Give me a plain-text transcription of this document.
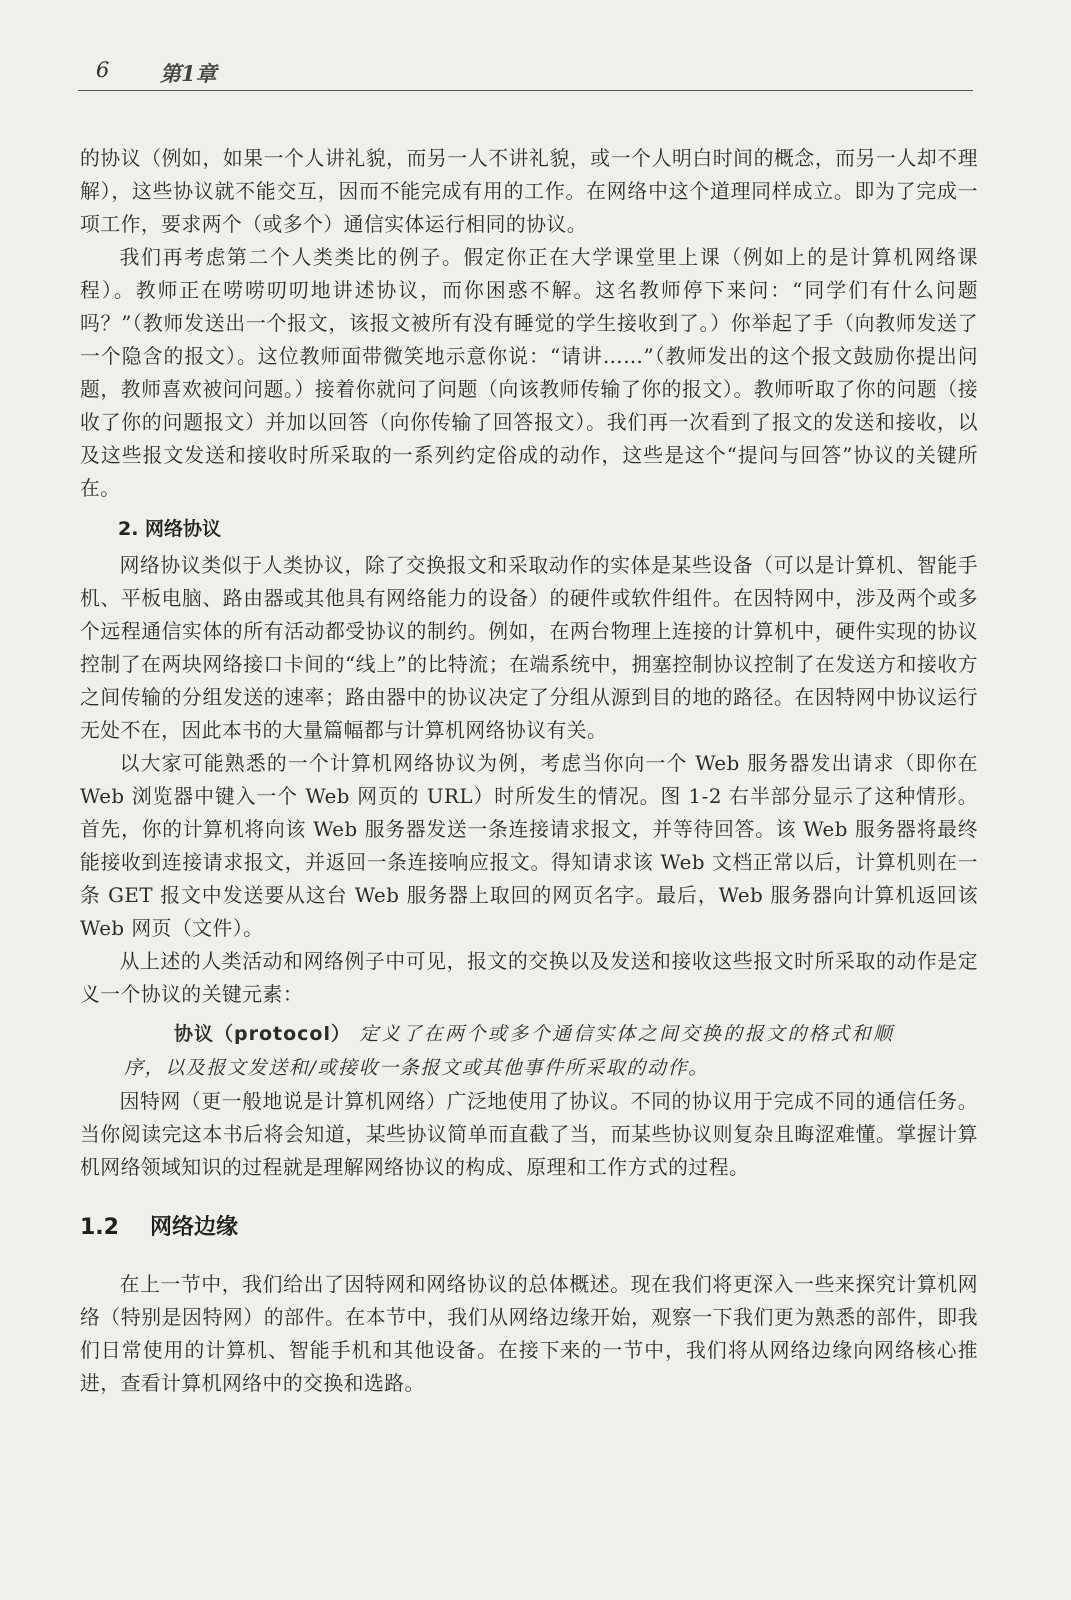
6 第1章

的协议（例如，如果一个人讲礼貌，而另一人不讲礼貌，或一个人明白时间的概念，而另一人却不理解），这些协议就不能交互，因而不能完成有用的工作。在网络中这个道理同样成立。即为了完成一项工作，要求两个（或多个）通信实体运行相同的协议。

我们再考虑第二个人类类比的例子。假定你正在大学课堂里上课（例如上的是计算机网络课程）。教师正在唠唠叨叨地讲述协议，而你困惑不解。这名教师停下来问：“同学们有什么问题吗？”（教师发送出一个报文，该报文被所有没有睡觉的学生接收到了。）你举起了手（向教师发送了一个隐含的报文）。这位教师面带微笑地示意你说：“请讲……”（教师发出的这个报文鼓励你提出问题，教师喜欢被问问题。）接着你就问了问题（向该教师传输了你的报文）。教师听取了你的问题（接收了你的问题报文）并加以回答（向你传输了回答报文）。我们再一次看到了报文的发送和接收，以及这些报文发送和接收时所采取的一系列约定俗成的动作，这些是这个“提问与回答”协议的关键所在。

2. 网络协议

网络协议类似于人类协议，除了交换报文和采取动作的实体是某些设备（可以是计算机、智能手机、平板电脑、路由器或其他具有网络能力的设备）的硬件或软件组件。在因特网中，涉及两个或多个远程通信实体的所有活动都受协议的制约。例如，在两台物理上连接的计算机中，硬件实现的协议控制了在两块网络接口卡间的“线上”的比特流；在端系统中，拥塞控制协议控制了在发送方和接收方之间传输的分组发送的速率；路由器中的协议决定了分组从源到目的地的路径。在因特网中协议运行无处不在，因此本书的大量篇幅都与计算机网络协议有关。

以大家可能熟悉的一个计算机网络协议为例，考虑当你向一个 Web 服务器发出请求（即你在 Web 浏览器中键入一个 Web 网页的 URL）时所发生的情况。图 1-2 右半部分显示了这种情形。首先，你的计算机将向该 Web 服务器发送一条连接请求报文，并等待回答。该 Web 服务器将最终能接收到连接请求报文，并返回一条连接响应报文。得知请求该 Web 文档正常以后，计算机则在一条 GET 报文中发送要从这台 Web 服务器上取回的网页名字。最后，Web 服务器向计算机返回该 Web 网页（文件）。

从上述的人类活动和网络例子中可见，报文的交换以及发送和接收这些报文时所采取的动作是定义一个协议的关键元素：

协议（protocol） 定义了在两个或多个通信实体之间交换的报文的格式和顺
序，以及报文发送和/或接收一条报文或其他事件所采取的动作。

因特网（更一般地说是计算机网络）广泛地使用了协议。不同的协议用于完成不同的通信任务。当你阅读完这本书后将会知道，某些协议简单而直截了当，而某些协议则复杂且晦涩难懂。掌握计算机网络领域知识的过程就是理解网络协议的构成、原理和工作方式的过程。

1.2 网络边缘

在上一节中，我们给出了因特网和网络协议的总体概述。现在我们将更深入一些来探究计算机网络（特别是因特网）的部件。在本节中，我们从网络边缘开始，观察一下我们更为熟悉的部件，即我们日常使用的计算机、智能手机和其他设备。在接下来的一节中，我们将从网络边缘向网络核心推进，查看计算机网络中的交换和选路。
